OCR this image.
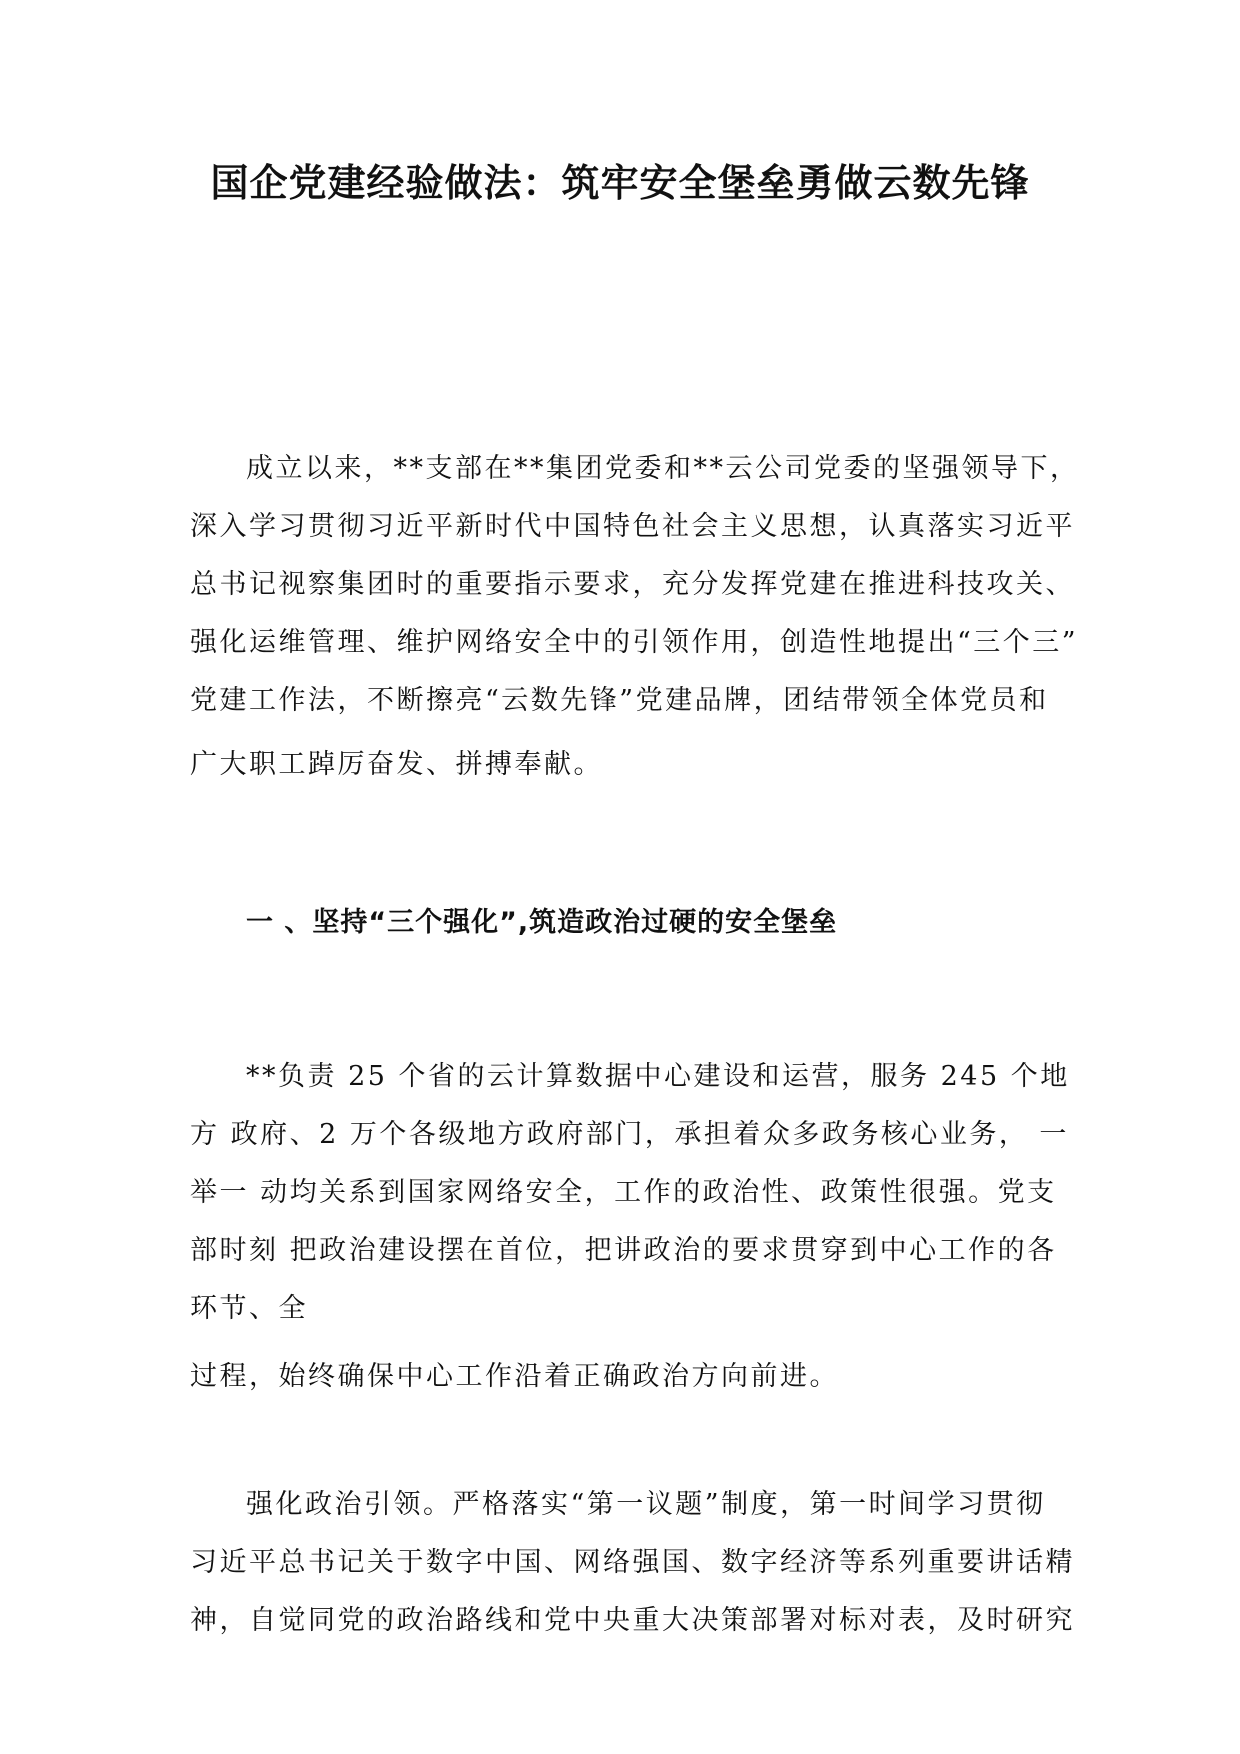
国企党建经验做法：筑牢安全堡垒勇做云数先锋
成立以来，**支部在**集团党委和**云公司党委的坚强领导下，
深入学习贯彻习近平新时代中国特色社会主义思想，认真落实习近平
总书记视察集团时的重要指示要求，充分发挥党建在推进科技攻关、
强化运维管理、维护网络安全中的引领作用，创造性地提出“三个三”
党建工作法，不断擦亮“云数先锋”党建品牌，团结带领全体党员和
广大职工踔厉奋发、拼搏奉献。
一 、坚持“三个强化”,筑造政治过硬的安全堡垒
**负责 25 个省的云计算数据中心建设和运营，服务 245 个地
方 政府、2 万个各级地方政府部门，承担着众多政务核心业务， 一
举一 动均关系到国家网络安全，工作的政治性、政策性很强。党支
部时刻 把政治建设摆在首位，把讲政治的要求贯穿到中心工作的各
环节、全
过程，始终确保中心工作沿着正确政治方向前进。
强化政治引领。严格落实“第一议题”制度，第一时间学习贯彻
习近平总书记关于数字中国、网络强国、数字经济等系列重要讲话精
神，自觉同党的政治路线和党中央重大决策部署对标对表，及时研究
